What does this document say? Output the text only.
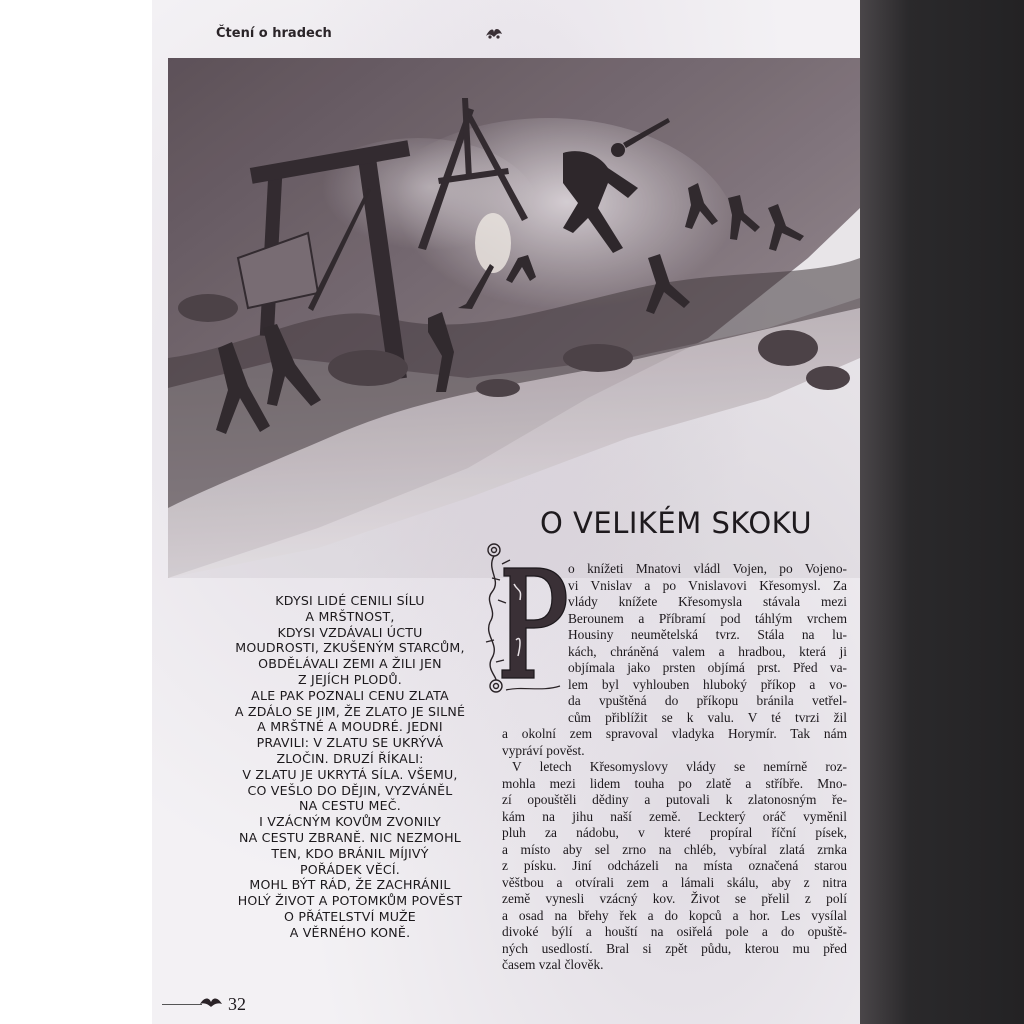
Čtení o hradech
O VELIKÉM SKOKU
KDYSI LIDÉ CENILI SÍLU
A MRŠTNOST,
KDYSI VZDÁVALI ÚCTU
MOUDROSTI, ZKUŠENÝM STARCŮM,
OBDĚLÁVALI ZEMI A ŽILI JEN
Z JEJÍCH PLODŮ.
ALE PAK POZNALI CENU ZLATA
A ZDÁLO SE JIM, ŽE ZLATO JE SILNÉ
A MRŠTNÉ A MOUDRÉ. JEDNI
PRAVILI: V ZLATU SE UKRÝVÁ
ZLOČIN. DRUZÍ ŘÍKALI:
V ZLATU JE UKRYTÁ SÍLA. VŠEMU,
CO VEŠLO DO DĚJIN, VYZVÁNĚL
NA CESTU MEČ.
I VZÁCNÝM KOVŮM ZVONILY
NA CESTU ZBRANĚ. NIC NEZMOHL
TEN, KDO BRÁNIL MÍJIVÝ
POŘÁDEK VĚCÍ.
MOHL BÝT RÁD, ŽE ZACHRÁNIL
HOLÝ ŽIVOT A POTOMKŮM POVĚST
O PŘÁTELSTVÍ MUŽE
A VĚRNÉHO KONĚ.
o knížeti Mnatovi vládl Vojen, po Vojeno-
vi Vnislav a po Vnislavovi Křesomysl. Za
vlády knížete Křesomysla stávala mezi
Berounem a Příbramí pod táhlým vrchem
Housiny neumětelská tvrz. Stála na lu-
kách, chráněná valem a hradbou, která ji
objímala jako prsten objímá prst. Před va-
lem byl vyhlouben hluboký příkop a vo-
da vpuštěná do příkopu bránila vetřel-
cům přiblížit se k valu. V té tvrzi žil
a okolní zem spravoval vladyka Horymír. Tak nám
vypráví pověst.
V letech Křesomyslovy vlády se nemírně roz-
mohla mezi lidem touha po zlatě a stříbře. Mno-
zí opouštěli dědiny a putovali k zlatonosným ře-
kám na jihu naší země. Leckterý oráč vyměnil
pluh za nádobu, v které propíral říční písek,
a místo aby sel zrno na chléb, vybíral zlatá zrnka
z písku. Jiní odcházeli na místa označená starou
věštbou a otvírali zem a lámali skálu, aby z nitra
země vynesli vzácný kov. Život se přelil z polí
a osad na břehy řek a do kopců a hor. Les vysílal
divoké býlí a houští na osiřelá pole a do opuště-
ných usedlostí. Bral si zpět půdu, kterou mu před
časem vzal člověk.
32
